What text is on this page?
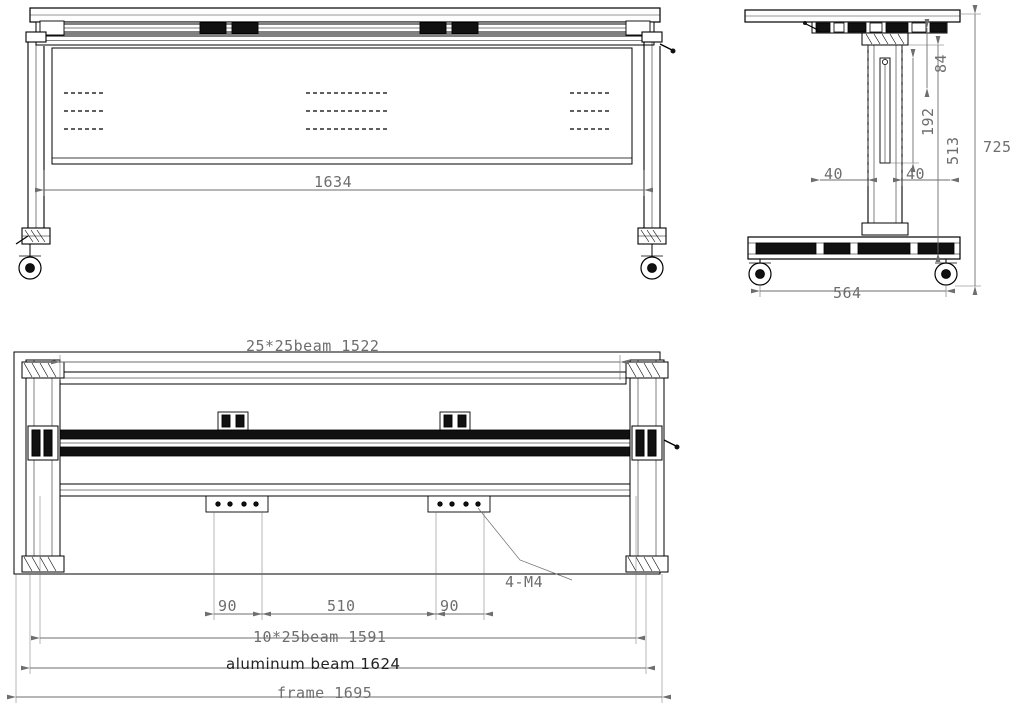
1634
725
513
192
84
40	40
564
25*25beam 1522
90	510	90
4-M4
10*25beam 1591
aluminum beam 1624
frame 1695
